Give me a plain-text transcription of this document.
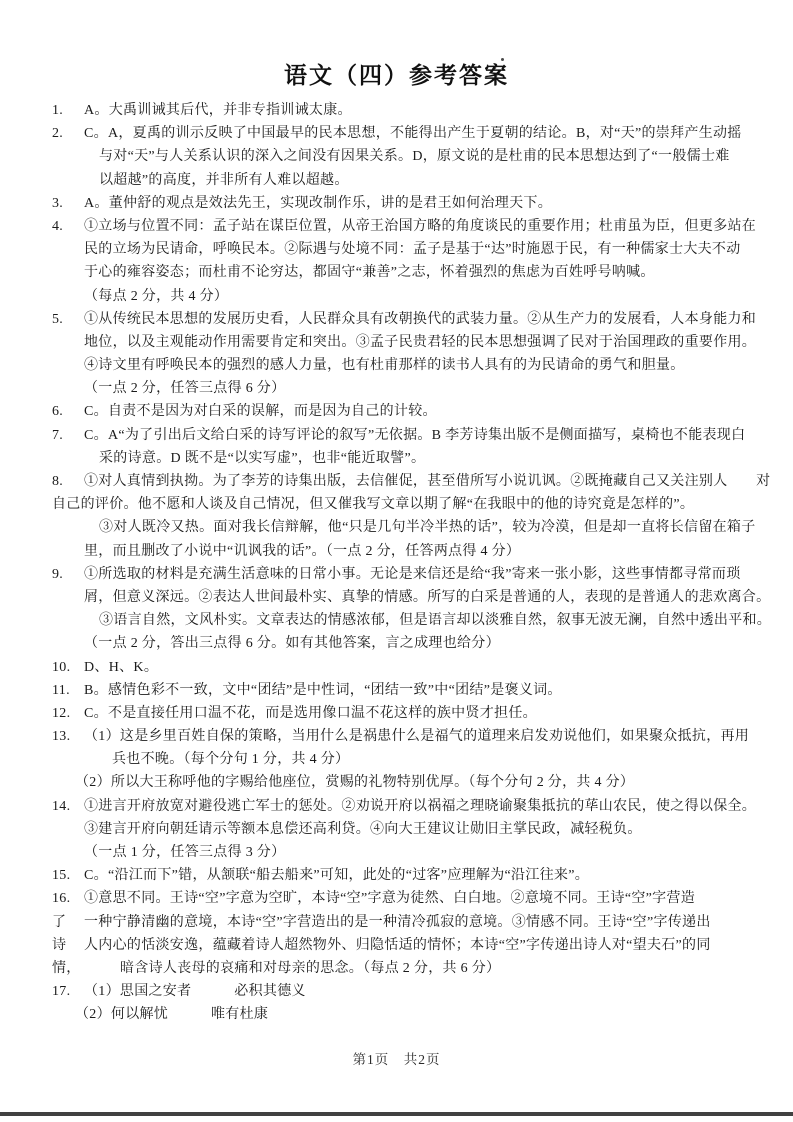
语文（四）参考答案
1. A。大禹训诫其后代，并非专指训诫太康。
2. C。A，夏禹的训示反映了中国最早的民本思想，不能得出产生于夏朝的结论。B，对“天”的崇拜产生动摇
与对“天”与人关系认识的深入之间没有因果关系。D，原文说的是杜甫的民本思想达到了“一般儒士难
以超越”的高度，并非所有人难以超越。
3. A。董仲舒的观点是效法先王，实现改制作乐，讲的是君王如何治理天下。
4. ①立场与位置不同：孟子站在谋臣位置，从帝王治国方略的角度谈民的重要作用；杜甫虽为臣，但更多站在
民的立场为民请命，呼唤民本。②际遇与处境不同：孟子是基于“达”时施恩于民，有一种儒家士大夫不动
于心的雍容姿态；而杜甫不论穷达，都固守“兼善”之志，怀着强烈的焦虑为百姓呼号呐喊。
（每点 2 分，共 4 分）
5. ①从传统民本思想的发展历史看，人民群众具有改朝换代的武装力量。②从生产力的发展看，人本身能力和
地位，以及主观能动作用需要肯定和突出。③孟子民贵君轻的民本思想强调了民对于治国理政的重要作用。
④诗文里有呼唤民本的强烈的感人力量，也有杜甫那样的读书人具有的为民请命的勇气和胆量。
（一点 2 分，任答三点得 6 分）
6. C。自责不是因为对白采的误解，而是因为自己的计较。
7. C。A“为了引出后文给白采的诗写评论的叙写”无依据。B 李芳诗集出版不是侧面描写，桌椅也不能表现白
采的诗意。D 既不是“以实写虚”，也非“能近取譬”。
8. ①对人真情到执拗。为了李芳的诗集出版，去信催促，甚至借所写小说讥讽。②既掩藏自己又关注别人　　对
自己的评价。他不愿和人谈及自己情况，但又催我写文章以期了解“在我眼中的他的诗究竟是怎样的”。
③对人既冷又热。面对我长信辩解，他“只是几句半冷半热的话”，较为冷漠，但是却一直将长信留在箱子
里，而且删改了小说中“讥讽我的话”。（一点 2 分，任答两点得 4 分）
9. ①所选取的材料是充满生活意味的日常小事。无论是来信还是给“我”寄来一张小影，这些事情都寻常而琐
屑，但意义深远。②表达人世间最朴实、真挚的情感。所写的白采是普通的人，表现的是普通人的悲欢离合。
③语言自然，文风朴实。文章表达的情感浓郁，但是语言却以淡雅自然，叙事无波无澜，自然中透出平和。
（一点 2 分，答出三点得 6 分。如有其他答案，言之成理也给分）
10. D、H、K。
11. B。感情色彩不一致，文中“团结”是中性词，“团结一致”中“团结”是褒义词。
12. C。不是直接任用口温不花，而是选用像口温不花这样的族中贤才担任。
13. （1）这是乡里百姓自保的策略，当用什么是祸患什么是福气的道理来启发劝说他们，如果聚众抵抗，再用
兵也不晚。（每个分句 1 分，共 4 分）
（2）所以大王称呼他的字赐给他座位，赏赐的礼物特别优厚。（每个分句 2 分，共 4 分）
14. ①进言开府放宽对避役逃亡军士的惩处。②劝说开府以祸福之理晓谕聚集抵抗的荜山农民，使之得以保全。
③建言开府向朝廷请示等额本息偿还高利贷。④向大王建议让勋旧主掌民政，减轻税负。
（一点 1 分，任答三点得 3 分）
15. C。“沿江而下”错，从颔联“船去船来”可知，此处的“过客”应理解为“沿江往来”。
16. ①意思不同。王诗“空”字意为空旷，本诗“空”字意为徒然、白白地。②意境不同。王诗“空”字营造
了 一种宁静清幽的意境，本诗“空”字营造出的是一种清冷孤寂的意境。③情感不同。王诗“空”字传递出
诗 人内心的恬淡安逸，蕴藏着诗人超然物外、归隐恬适的情怀；本诗“空”字传递出诗人对“望夫石”的同
情，	暗含诗人丧母的哀痛和对母亲的思念。（每点 2 分，共 6 分）
17. （1）思国之安者　　　必积其德义
（2）何以解忧　　　唯有杜康
第1页　共2页
